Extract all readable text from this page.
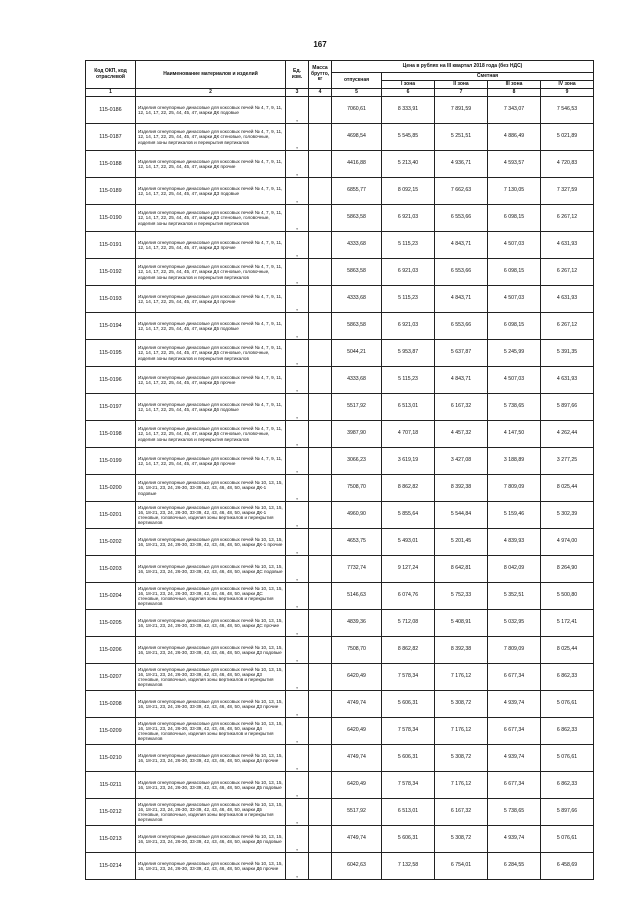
167
Код ОКП, код отраслевой	Наименование материалов и изделий	Ед. изм.	Масса брутто, кг	Цена в рублях на III квартал 2018 года (без НДС)				
				отпускная	Сметная			
					I зона	II зона	III зона	IV зона
1	2	3	4	5	6	7	8	9
115-0186	Изделия огнеупорные динасовые для коксовых печей № 4, 7, 9, 11, 12, 14, 17, 22, 25, 44, 45, 47, марки ДК подовые	т		7060,61	8 333,91	7 891,59	7 343,07	7 546,53
115-0187	Изделия огнеупорные динасовые для коксовых печей № 4, 7, 9, 11, 12, 14, 17, 22, 25, 44, 45, 47, марки ДК стеновые, головочные, изделия зоны вертикалов и перекрытия вертикалов	т		4698,54	5 545,85	5 251,51	4 886,49	5 021,89
115-0188	Изделия огнеупорные динасовые для коксовых печей № 4, 7, 9, 11, 12, 14, 17, 22, 25, 44, 45, 47, марки ДК прочие	т		4416,88	5 213,40	4 936,71	4 593,57	4 720,83
115-0189	Изделия огнеупорные динасовые для коксовых печей № 4, 7, 9, 11, 12, 14, 17, 22, 25, 44, 45, 47, марки ДЗ подовые	т		6855,77	8 092,15	7 662,63	7 130,05	7 327,59
115-0190	Изделия огнеупорные динасовые для коксовых печей № 4, 7, 9, 11, 12, 14, 17, 22, 25, 44, 45, 47, марки ДЗ стеновые, головочные, изделия зоны вертикалов и перекрытия вертикалов	т		5863,58	6 921,03	6 553,66	6 098,15	6 267,12
115-0191	Изделия огнеупорные динасовые для коксовых печей № 4, 7, 9, 11, 12, 14, 17, 22, 25, 44, 45, 47, марки ДЗ прочие	т		4333,68	5 115,23	4 843,71	4 507,03	4 631,93
115-0192	Изделия огнеупорные динасовые для коксовых печей № 4, 7, 9, 11, 12, 14, 17, 22, 25, 44, 45, 47, марки Д4 стеновые, головочные, изделия зоны вертикалов и перекрытия вертикалов	т		5863,58	6 921,03	6 553,66	6 098,15	6 267,12
115-0193	Изделия огнеупорные динасовые для коксовых печей № 4, 7, 9, 11, 12, 14, 17, 22, 25, 44, 45, 47, марки Д4 прочие	т		4333,68	5 115,23	4 843,71	4 507,03	4 631,93
115-0194	Изделия огнеупорные динасовые для коксовых печей № 4, 7, 9, 11, 12, 14, 17, 22, 25, 44, 45, 47, марки Д5 подовые	т		5863,58	6 921,03	6 553,66	6 098,15	6 267,12
115-0195	Изделия огнеупорные динасовые для коксовых печей № 4, 7, 9, 11, 12, 14, 17, 22, 25, 44, 45, 47, марки Д5 стеновые, головочные, изделия зоны вертикалов и перекрытия вертикалов	т		5044,21	5 953,87	5 637,87	5 245,99	5 391,35
115-0196	Изделия огнеупорные динасовые для коксовых печей № 4, 7, 9, 11, 12, 14, 17, 22, 25, 44, 45, 47, марки Д5 прочие	т		4333,68	5 115,23	4 843,71	4 507,03	4 631,93
115-0197	Изделия огнеупорные динасовые для коксовых печей № 4, 7, 9, 11, 12, 14, 17, 22, 25, 44, 45, 47, марки Д6 подовые	т		5517,92	6 513,01	6 167,32	5 738,65	5 897,66
115-0198	Изделия огнеупорные динасовые для коксовых печей № 4, 7, 9, 11, 12, 14, 17, 22, 25, 44, 45, 47, марки Д6 стеновые, головочные, изделия зоны вертикалов и перекрытия вертикалов	т		3987,90	4 707,18	4 457,32	4 147,50	4 262,44
115-0199	Изделия огнеупорные динасовые для коксовых печей № 4, 7, 9, 11, 12, 14, 17, 22, 25, 44, 45, 47, марки Д6 прочие	т		3066,23	3 619,19	3 427,08	3 188,89	3 277,25
115-0200	Изделия огнеупорные динасовые для коксовых печей № 10, 13, 15, 16, 18-21, 23, 24, 26-30, 33-39, 42, 43, 46, 48, 50, марки ДК-1 подовые	т		7508,70	8 862,82	8 392,38	7 809,09	8 025,44
115-0201	Изделия огнеупорные динасовые для коксовых печей № 10, 13, 15, 16, 18-21, 23, 24, 26-30, 33-39, 42, 43, 46, 48, 50, марки ДК-1 стеновые, головочные, изделия зоны вертикалов и перекрытия вертикалов	т		4960,90	5 855,64	5 544,84	5 159,46	5 302,39
115-0202	Изделия огнеупорные динасовые для коксовых печей № 10, 13, 15, 16, 18-21, 23, 24, 26-30, 33-39, 42, 43, 46, 48, 50, марки ДК-1 прочие	т		4653,75	5 493,01	5 201,45	4 839,93	4 974,00
115-0203	Изделия огнеупорные динасовые для коксовых печей № 10, 13, 15, 16, 18-21, 23, 24, 26-30, 33-39, 42, 43, 46, 48, 50, марки ДС подовые	т		7732,74	9 127,24	8 642,81	8 042,09	8 264,90
115-0204	Изделия огнеупорные динасовые для коксовых печей № 10, 13, 15, 16, 18-21, 23, 24, 26-30, 33-39, 42, 43, 46, 48, 50, марки ДС стеновые, головочные, изделия зоны вертикалов и перекрытия вертикалов	т		5146,63	6 074,76	5 752,33	5 352,51	5 500,80
115-0205	Изделия огнеупорные динасовые для коксовых печей № 10, 13, 15, 16, 18-21, 23, 24, 26-30, 33-39, 42, 43, 46, 48, 50, марки ДС прочие	т		4839,36	5 712,08	5 408,91	5 032,95	5 172,41
115-0206	Изделия огнеупорные динасовые для коксовых печей № 10, 13, 15, 16, 18-21, 23, 24, 26-30, 33-39, 42, 43, 46, 48, 50, марки Д3 подовые	т		7508,70	8 862,82	8 392,38	7 809,09	8 025,44
115-0207	Изделия огнеупорные динасовые для коксовых печей № 10, 13, 15, 16, 18-21, 23, 24, 26-30, 33-39, 42, 43, 46, 48, 50, марки Д3 стеновые, головочные, изделия зоны вертикалов и перекрытия вертикалов	т		6420,49	7 578,34	7 176,12	6 677,34	6 862,33
115-0208	Изделия огнеупорные динасовые для коксовых печей № 10, 13, 15, 16, 18-21, 23, 24, 26-30, 33-39, 42, 43, 46, 48, 50, марки Д3 прочие	т		4749,74	5 606,31	5 308,72	4 939,74	5 076,61
115-0209	Изделия огнеупорные динасовые для коксовых печей № 10, 13, 15, 16, 18-21, 23, 24, 26-30, 33-39, 42, 43, 46, 48, 50, марки Д4 стеновые, головочные, изделия зоны вертикалов и перекрытия вертикалов	т		6420,49	7 578,34	7 176,12	6 677,34	6 862,33
115-0210	Изделия огнеупорные динасовые для коксовых печей № 10, 13, 15, 16, 18-21, 23, 24, 26-30, 33-39, 42, 43, 46, 48, 50, марки Д4 прочие	т		4749,74	5 606,31	5 308,72	4 939,74	5 076,61
115-0211	Изделия огнеупорные динасовые для коксовых печей № 10, 13, 15, 16, 18-21, 23, 24, 26-30, 33-39, 42, 43, 46, 48, 50, марки Д5 подовые	т		6420,49	7 578,34	7 176,12	6 677,34	6 862,33
115-0212	Изделия огнеупорные динасовые для коксовых печей № 10, 13, 15, 16, 18-21, 23, 24, 26-30, 33-39, 42, 43, 46, 48, 50, марки Д5 стеновые, головочные, изделия зоны вертикалов и перекрытия вертикалов	т		5517,92	6 513,01	6 167,32	5 738,65	5 897,66
115-0213	Изделия огнеупорные динасовые для коксовых печей № 10, 13, 15, 16, 18-21, 23, 24, 26-30, 33-39, 42, 43, 46, 48, 50, марки Д6 подовые	т		4749,74	5 606,31	5 308,72	4 939,74	5 076,61
115-0214	Изделия огнеупорные динасовые для коксовых печей № 10, 13, 15, 16, 18-21, 23, 24, 26-30, 33-39, 42, 43, 46, 48, 50, марки Д6 прочие	т		6042,63	7 132,58	6 754,01	6 284,55	6 458,69
